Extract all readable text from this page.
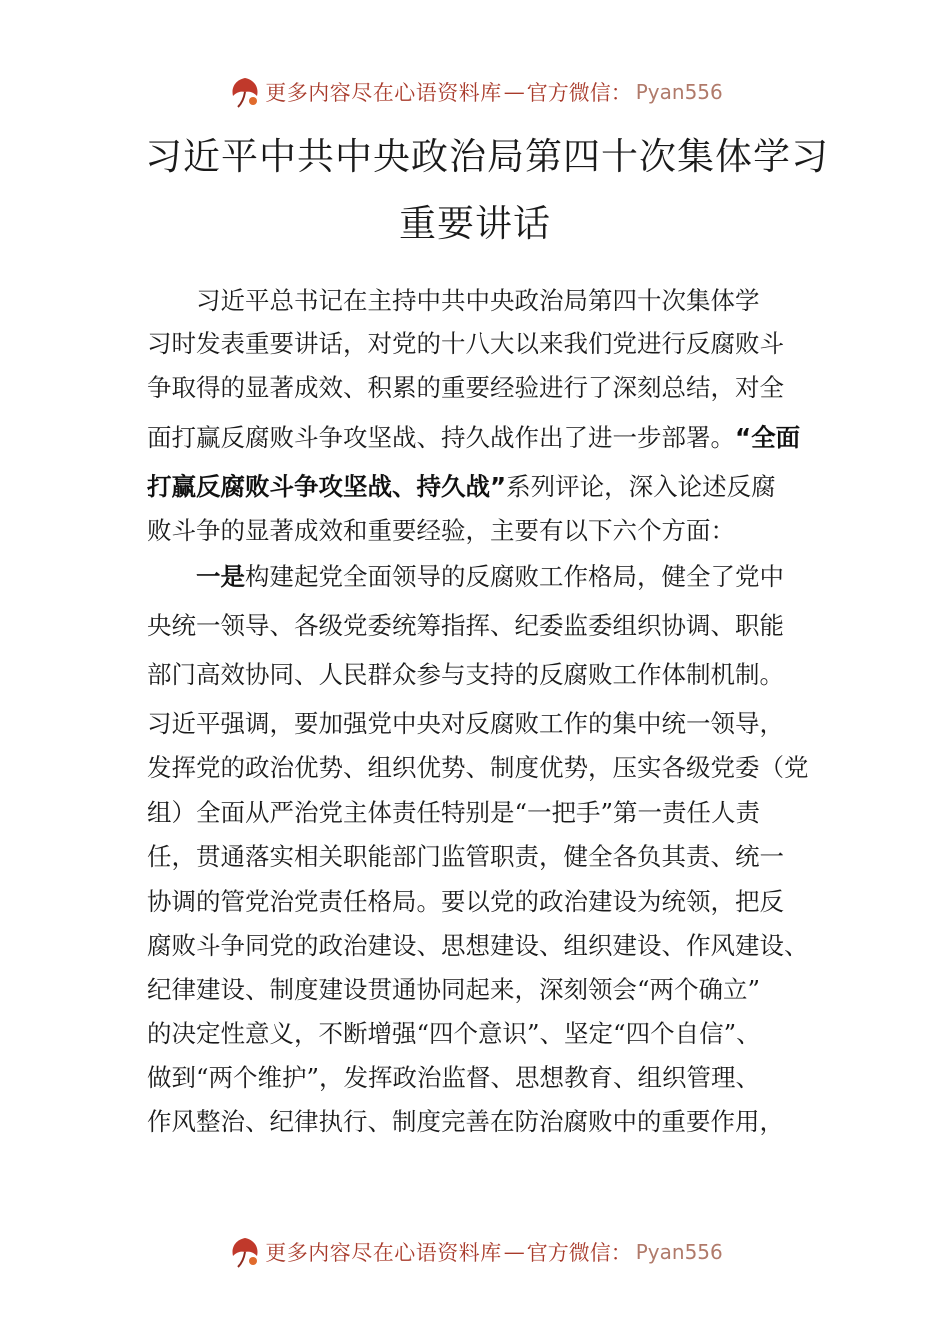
更多内容尽在心语资料库 — 官方微信： Pyan556
习近平中共中央政治局第四十次集体学习
重要讲话
习近平总书记在主持中共中央政治局第四十次集体学
习时发表重要讲话，对党的十八大以来我们党进行反腐败斗
争取得的显著成效、积累的重要经验进行了深刻总结，对全
面打赢反腐败斗争攻坚战、持久战作出了进一步部署。“全面
打赢反腐败斗争攻坚战、持久战”系列评论，深入论述反腐
败斗争的显著成效和重要经验，主要有以下六个方面：
一是构建起党全面领导的反腐败工作格局，健全了党中
央统一领导、各级党委统筹指挥、纪委监委组织协调、职能
部门高效协同、人民群众参与支持的反腐败工作体制机制。
习近平强调，要加强党中央对反腐败工作的集中统一领导，
发挥党的政治优势、组织优势、制度优势，压实各级党委（党
组）全面从严治党主体责任特别是“一把手”第一责任人责
任，贯通落实相关职能部门监管职责，健全各负其责、统一
协调的管党治党责任格局。要以党的政治建设为统领，把反
腐败斗争同党的政治建设、思想建设、组织建设、作风建设、
纪律建设、制度建设贯通协同起来，深刻领会“两个确立”
的决定性意义，不断增强“四个意识”、坚定“四个自信”、
做到“两个维护”，发挥政治监督、思想教育、组织管理、
作风整治、纪律执行、制度完善在防治腐败中的重要作用，
更多内容尽在心语资料库 — 官方微信： Pyan556
